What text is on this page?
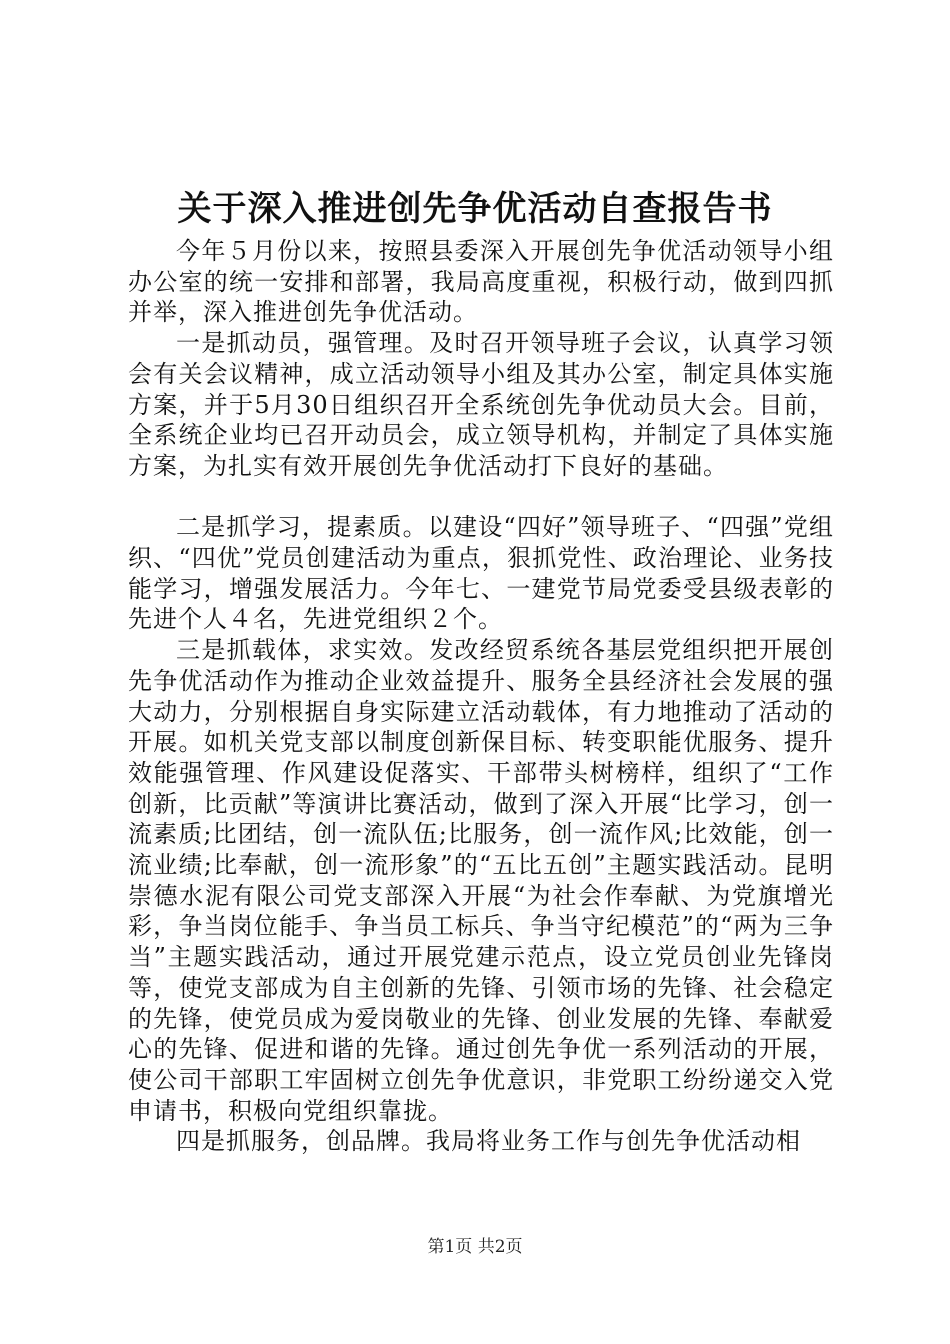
关于深入推进创先争优活动自查报告书

今年５月份以来，按照县委深入开展创先争优活动领导小组办公室的统一安排和部署，我局高度重视，积极行动，做到四抓并举，深入推进创先争优活动。

一是抓动员，强管理。及时召开领导班子会议，认真学习领会有关会议精神，成立活动领导小组及其办公室，制定具体实施方案，并于5月30日组织召开全系统创先争优动员大会。目前，全系统企业均已召开动员会，成立领导机构，并制定了具体实施方案，为扎实有效开展创先争优活动打下良好的基础。

二是抓学习，提素质。以建设“四好”领导班子、“四强”党组织、“四优”党员创建活动为重点，狠抓党性、政治理论、业务技能学习，增强发展活力。今年七、一建党节局党委受县级表彰的先进个人４名，先进党组织２个。

三是抓载体，求实效。发改经贸系统各基层党组织把开展创先争优活动作为推动企业效益提升、服务全县经济社会发展的强大动力，分别根据自身实际建立活动载体，有力地推动了活动的开展。如机关党支部以制度创新保目标、转变职能优服务、提升效能强管理、作风建设促落实、干部带头树榜样，组织了“工作创新，比贡献”等演讲比赛活动，做到了深入开展“比学习，创一流素质;比团结，创一流队伍;比服务，创一流作风;比效能，创一流业绩;比奉献，创一流形象”的“五比五创”主题实践活动。昆明崇德水泥有限公司党支部深入开展“为社会作奉献、为党旗增光彩，争当岗位能手、争当员工标兵、争当守纪模范”的“两为三争当”主题实践活动，通过开展党建示范点，设立党员创业先锋岗等，使党支部成为自主创新的先锋、引领市场的先锋、社会稳定的先锋，使党员成为爱岗敬业的先锋、创业发展的先锋、奉献爱心的先锋、促进和谐的先锋。通过创先争优一系列活动的开展，使公司干部职工牢固树立创先争优意识，非党职工纷纷递交入党申请书，积极向党组织靠拢。

四是抓服务，创品牌。我局将业务工作与创先争优活动相

第1页 共2页
